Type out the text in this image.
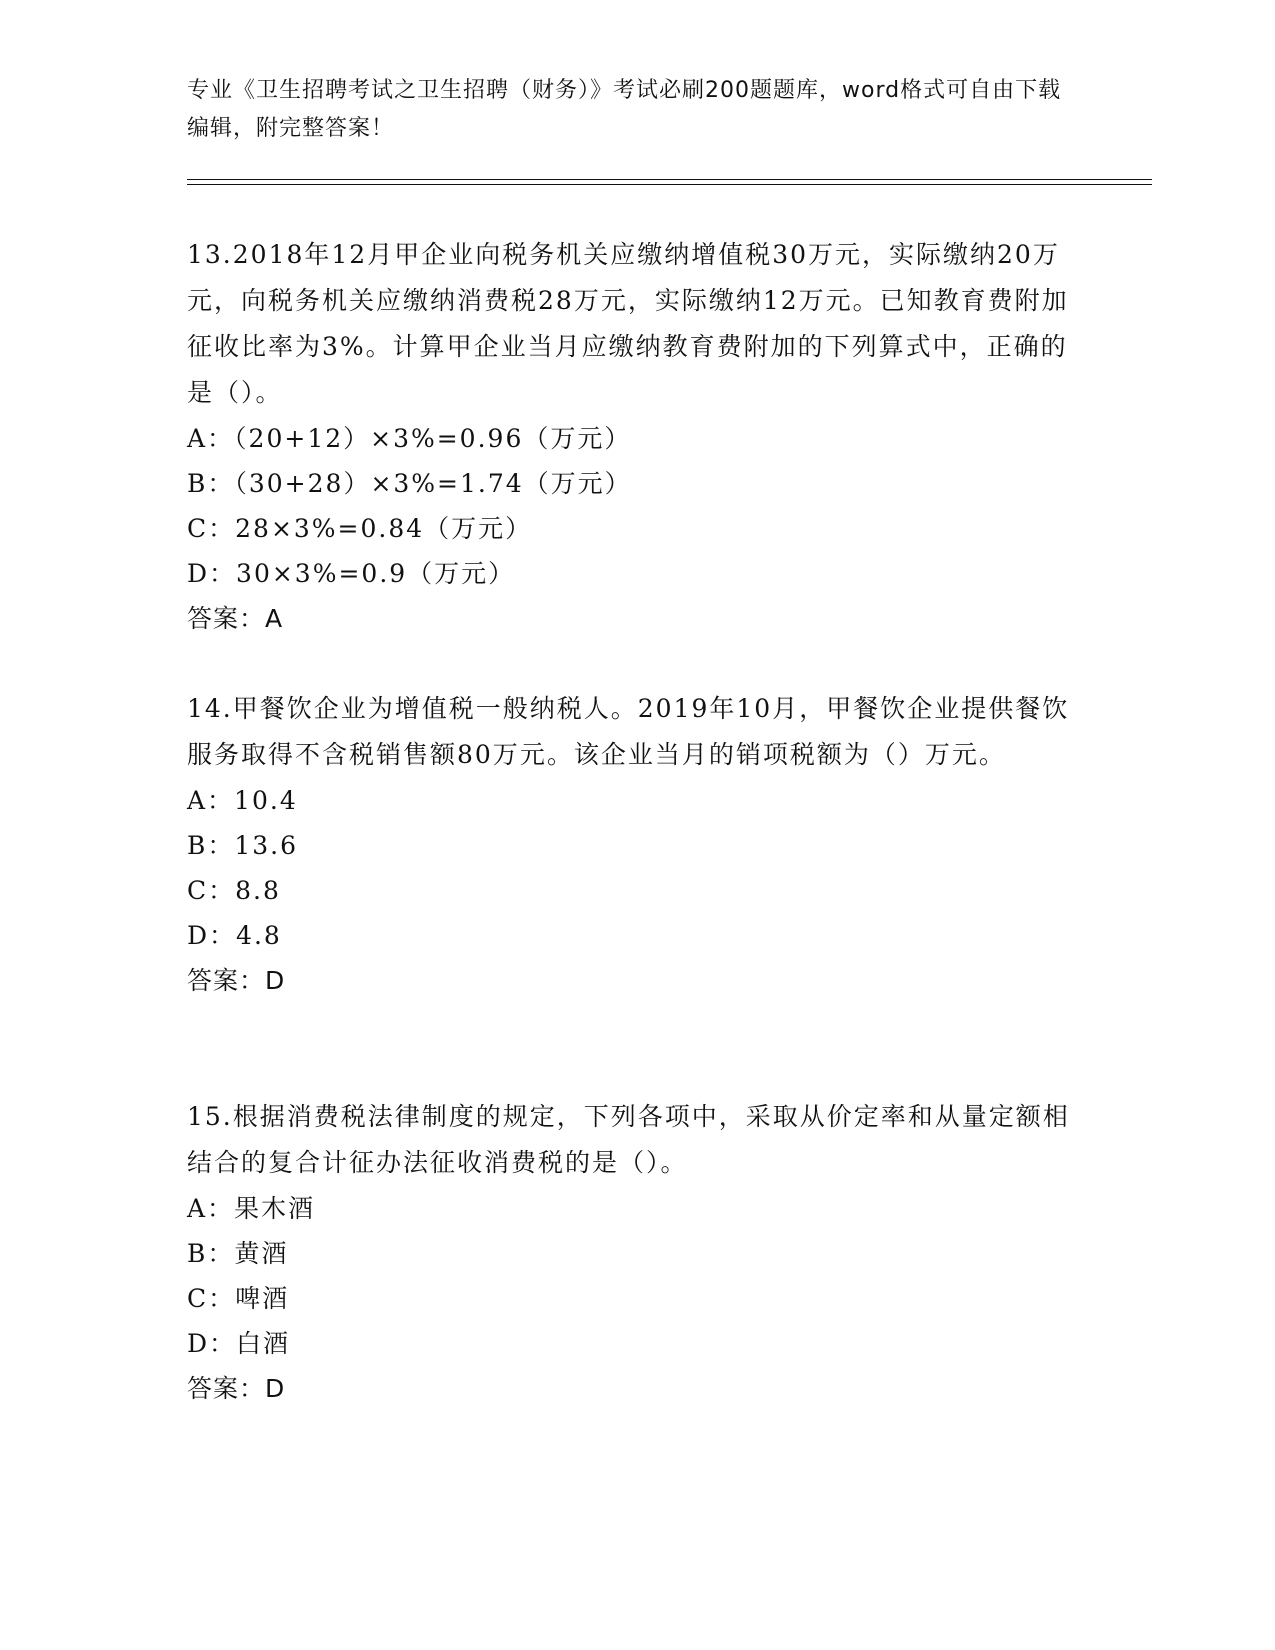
专业《卫生招聘考试之卫生招聘（财务）》考试必刷200题题库，word格式可自由下载编辑，附完整答案！

13.2018年12月甲企业向税务机关应缴纳增值税30万元，实际缴纳20万元，向税务机关应缴纳消费税28万元，实际缴纳12万元。已知教育费附加征收比率为3%。计算甲企业当月应缴纳教育费附加的下列算式中，正确的是（）。

A：（20+12）×3%=0.96（万元）

B：（30+28）×3%=1.74（万元）

C：28×3%=0.84（万元）

D：30×3%=0.9（万元）

答案：A

14.甲餐饮企业为增值税一般纳税人。2019年10月，甲餐饮企业提供餐饮服务取得不含税销售额80万元。该企业当月的销项税额为（）万元。

A：10.4

B：13.6

C：8.8

D：4.8

答案：D

15.根据消费税法律制度的规定，下列各项中，采取从价定率和从量定额相结合的复合计征办法征收消费税的是（）。

A：果木酒

B：黄酒

C：啤酒

D：白酒

答案：D
